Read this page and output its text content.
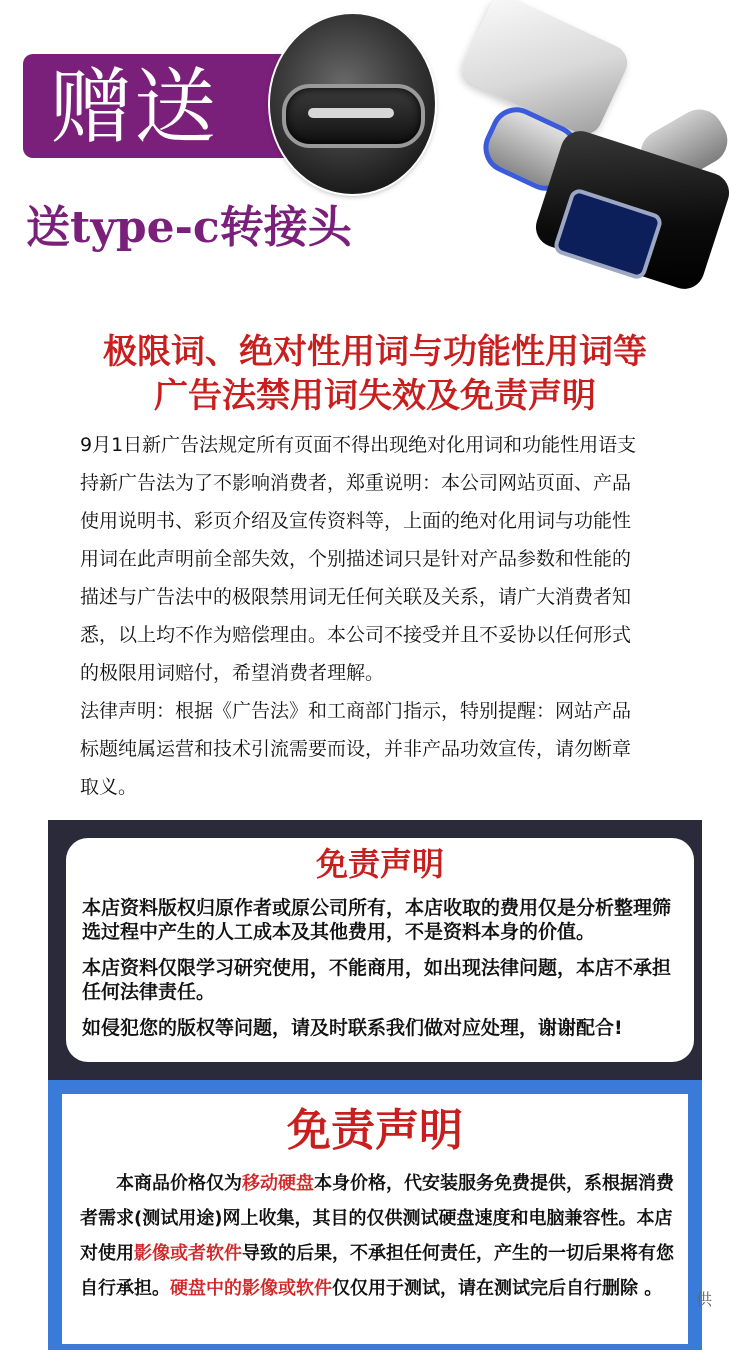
赠送
送type-c转接头
极限词、绝对性用词与功能性用词等
广告法禁用词失效及免责声明

9月1日新广告法规定所有页面不得出现绝对化用词和功能性用语支

持新广告法为了不影响消费者，郑重说明：本公司网站页面、产品

使用说明书、彩页介绍及宣传资料等，上面的绝对化用词与功能性

用词在此声明前全部失效，个别描述词只是针对产品参数和性能的

描述与广告法中的极限禁用词无任何关联及关系，请广大消费者知

悉，以上均不作为赔偿理由。本公司不接受并且不妥协以任何形式

的极限用词赔付，希望消费者理解。

法律声明：根据《广告法》和工商部门指示，特别提醒：网站产品

标题纯属运营和技术引流需要而设，并非产品功效宣传，请勿断章

取义。

免责声明

本店资料版权归原作者或原公司所有，本店收取的费用仅是分析整理筛选过程中产生的人工成本及其他费用，不是资料本身的价值。

本店资料仅限学习研究使用，不能商用，如出现法律问题，本店不承担任何法律责任。

如侵犯您的版权等问题，请及时联系我们做对应处理，谢谢配合!

免责声明
本商品价格仅为移动硬盘本身价格，代安装服务免费提供，系根据消费者需求(测试用途)网上收集，其目的仅供测试硬盘速度和电脑兼容性。本店对使用影像或者软件导致的后果，不承担任何责任，产生的一切后果将有您自行承担。硬盘中的影像或软件仅仅用于测试，请在测试完后自行删除 。
供
